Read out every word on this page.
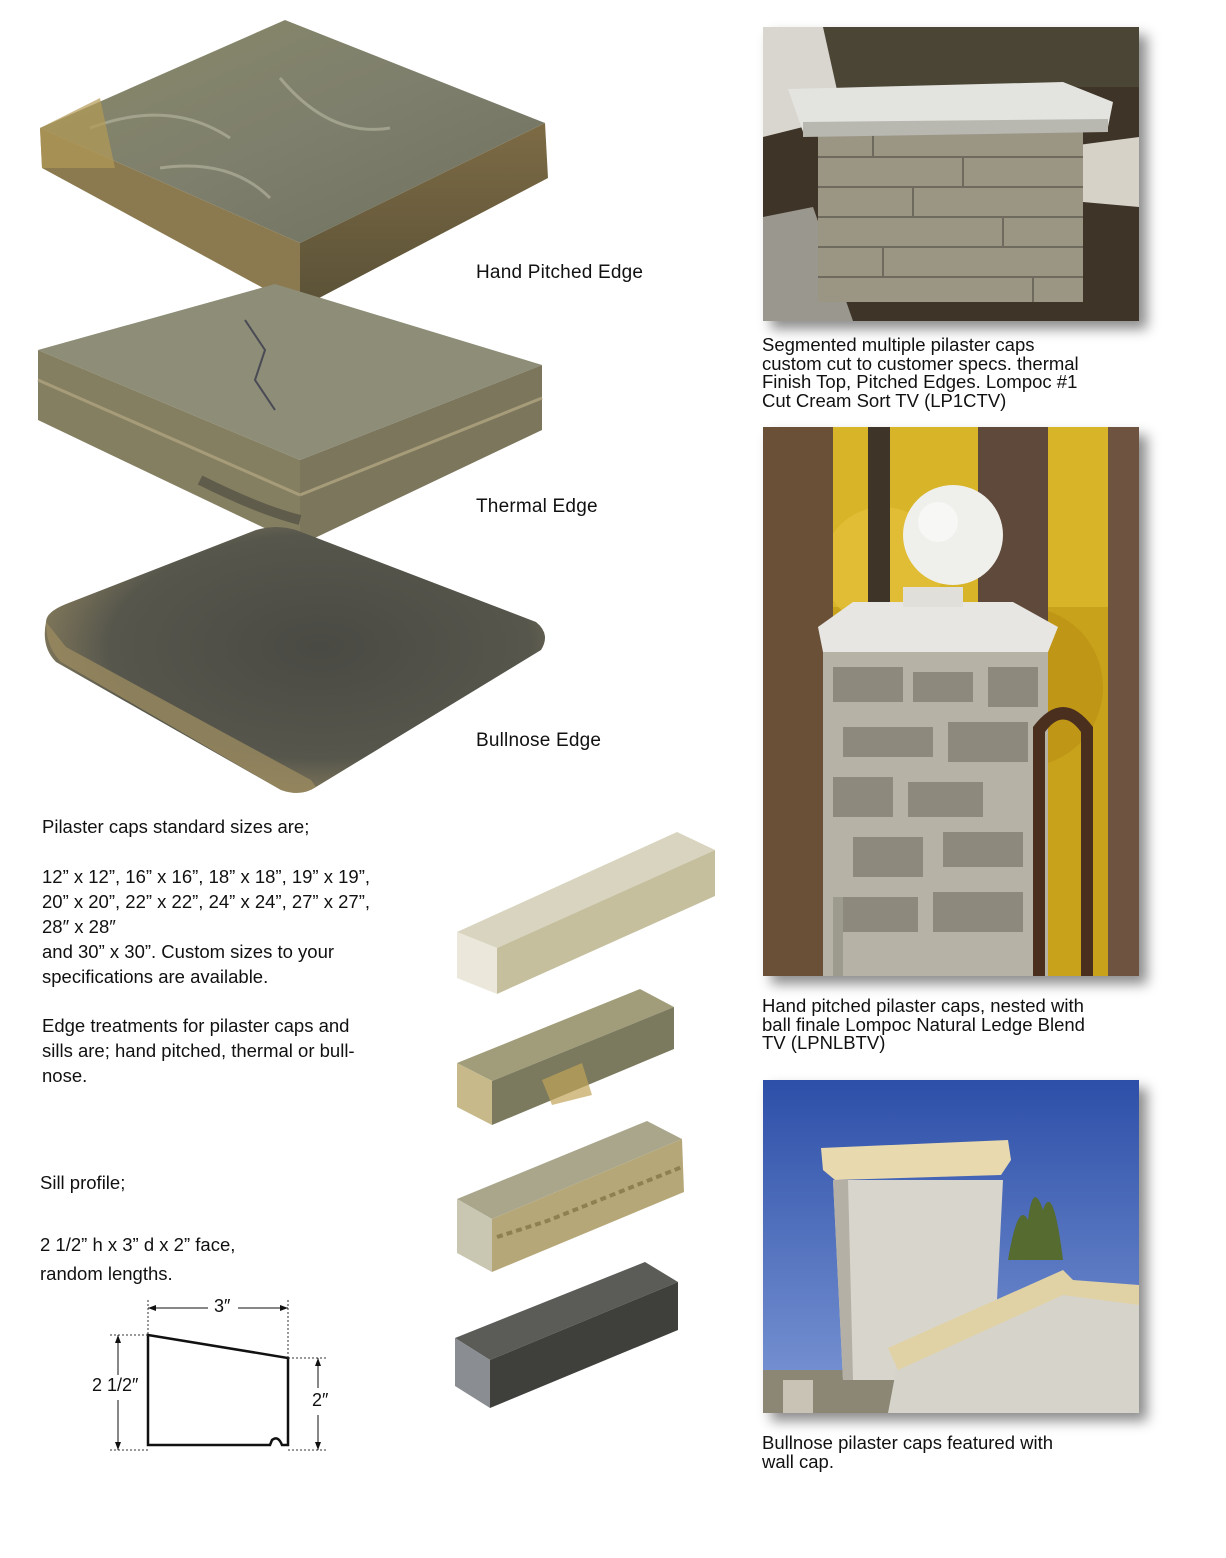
Hand Pitched Edge
Thermal Edge
Bullnose Edge
Pilaster caps standard sizes are;
12” x 12”, 16” x 16”, 18” x 18”, 19” x 19”,
20” x 20”, 22” x 22”, 24” x 24”, 27” x 27”,
28″ x 28″
and 30” x 30”. Custom sizes to your
specifications are available.
Edge treatments for pilaster caps and
sills are; hand pitched, thermal or bull-
nose.
Sill profile;
2 1/2” h x 3” d x 2” face,
random lengths.
3″
2 1/2″
2″
Segmented multiple pilaster caps
custom cut to customer specs. thermal
Finish Top, Pitched Edges. Lompoc #1
Cut Cream Sort TV (LP1CTV)
Hand pitched pilaster caps, nested with
ball finale Lompoc Natural Ledge Blend
TV (LPNLBTV)
Bullnose pilaster caps featured with
wall cap.
